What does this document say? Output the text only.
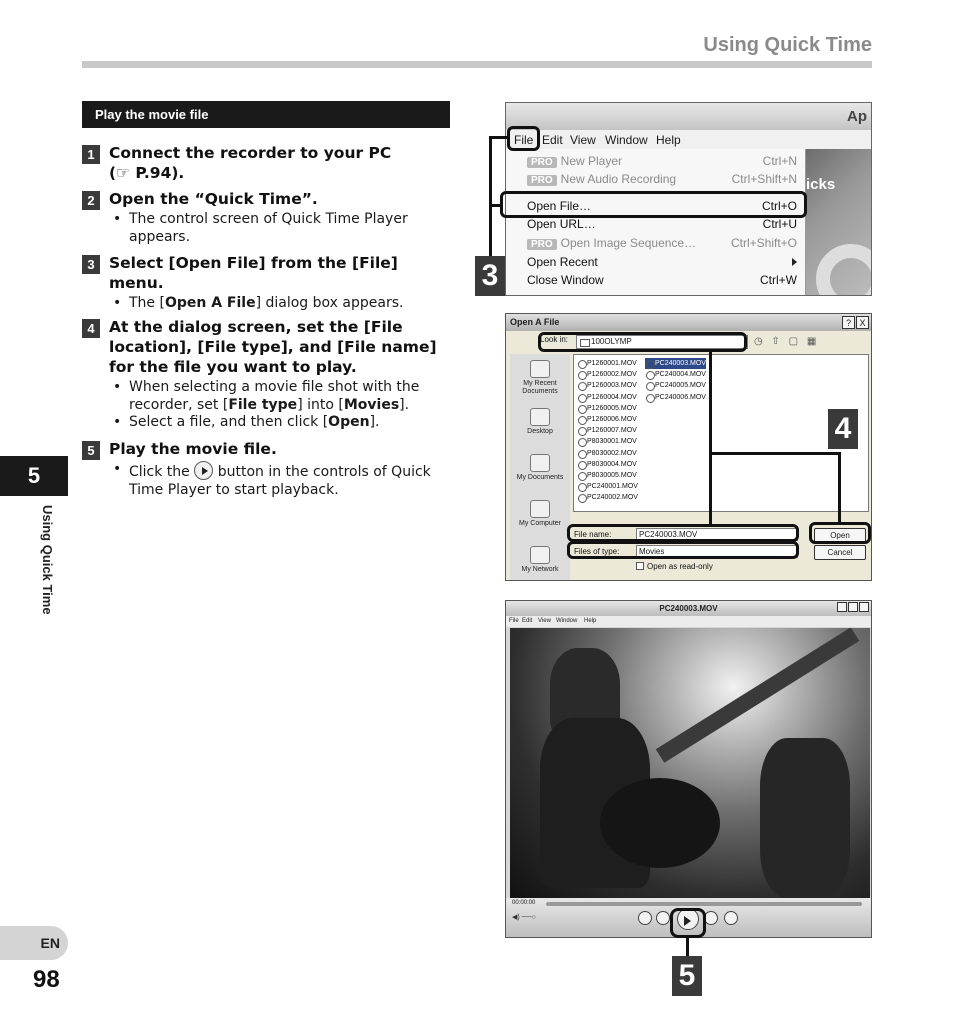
Using Quick Time
Play the movie file
1 Connect the recorder to your PC
(☞ P.94).
2 Open the “Quick Time”.
• The control screen of Quick Time Player appears.
3 Select [Open File] from the [File] menu.
• The [Open A File] dialog box appears.
4 At the dialog screen, set the [File location], [File type], and [File name] for the file you want to play.
• When selecting a movie file shot with the recorder, set [File type] into [Movies].
• Select a file, and then click [Open].
5 Play the movie file.
• Click the button in the controls of Quick Time Player to start playback.
5
Using Quick Time
EN
98
Ap
File Edit View Window Help
icks
PRO New Player	Ctrl+N
PRO New Audio Recording	Ctrl+Shift+N
Open File…	Ctrl+O
Open URL…	Ctrl+U
PRO Open Image Sequence…	Ctrl+Shift+O
Open Recent
Close Window	Ctrl+W
3
Open A File	? X
Look in:	100OLYMP	◷ ⇧ ▢ ▦
My Recent Documents
Desktop
My Documents
My Computer
My Network
P1260001.MOV
P1260002.MOV
P1260003.MOV
P1260004.MOV
P1260005.MOV
P1260006.MOV
P1260007.MOV
P8030001.MOV
P8030002.MOV
P8030004.MOV
P8030005.MOV
PC240001.MOV
PC240002.MOV
PC240003.MOV
PC240004.MOV
PC240005.MOV
PC240006.MOV
File name:	PC240003.MOV
Files of type:	Movies
Open
Cancel
Open as read-only
4
PC240003.MOV
File Edit View Window Help
00:00:00
◀) ──○
5
